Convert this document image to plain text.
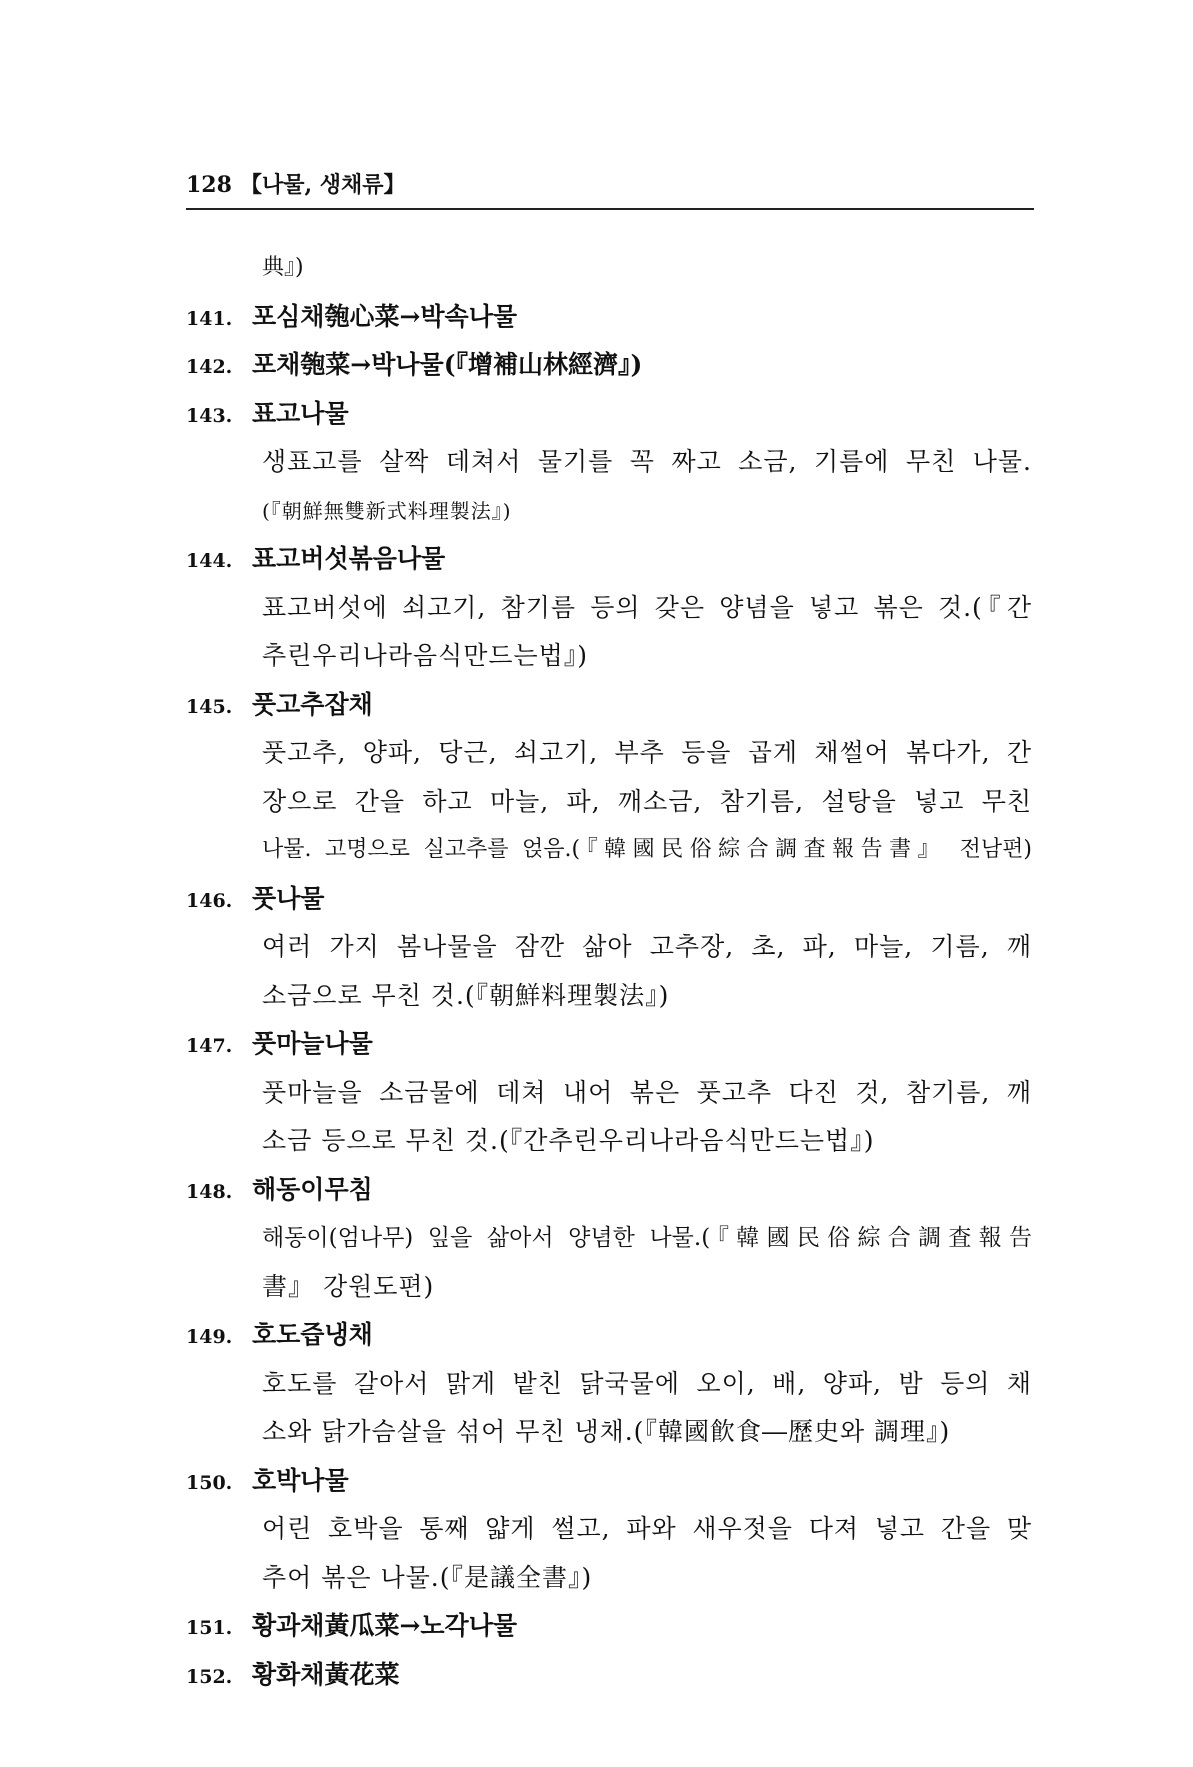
128 【나물, 생채류】
典』)
141. 포심채匏心菜→박속나물
142. 포채匏菜→박나물(『增補山林經濟』)
143. 표고나물
생표고를 살짝 데쳐서 물기를 꼭 짜고 소금, 기름에 무친 나물.
(『朝鮮無雙新式料理製法』)
144. 표고버섯볶음나물
표고버섯에 쇠고기, 참기름 등의 갖은 양념을 넣고 볶은 것.(『간
추린우리나라음식만드는법』)
145. 풋고추잡채
풋고추, 양파, 당근, 쇠고기, 부추 등을 곱게 채썰어 볶다가, 간
장으로 간을 하고 마늘, 파, 깨소금, 참기름, 설탕을 넣고 무친
나물. 고명으로 실고추를 얹음.(『韓國民俗綜合調査報告書』 전남편)
146. 풋나물
여러 가지 봄나물을 잠깐 삶아 고추장, 초, 파, 마늘, 기름, 깨
소금으로 무친 것.(『朝鮮料理製法』)
147. 풋마늘나물
풋마늘을 소금물에 데쳐 내어 볶은 풋고추 다진 것, 참기름, 깨
소금 등으로 무친 것.(『간추린우리나라음식만드는법』)
148. 해동이무침
해동이(엄나무) 잎을 삶아서 양념한 나물.(『韓國民俗綜合調査報告
書』 강원도편)
149. 호도즙냉채
호도를 갈아서 맑게 밭친 닭국물에 오이, 배, 양파, 밤 등의 채
소와 닭가슴살을 섞어 무친 냉채.(『韓國飮食―歷史와 調理』)
150. 호박나물
어린 호박을 통째 얇게 썰고, 파와 새우젓을 다져 넣고 간을 맞
추어 볶은 나물.(『是議全書』)
151. 황과채黃瓜菜→노각나물
152. 황화채黃花菜
